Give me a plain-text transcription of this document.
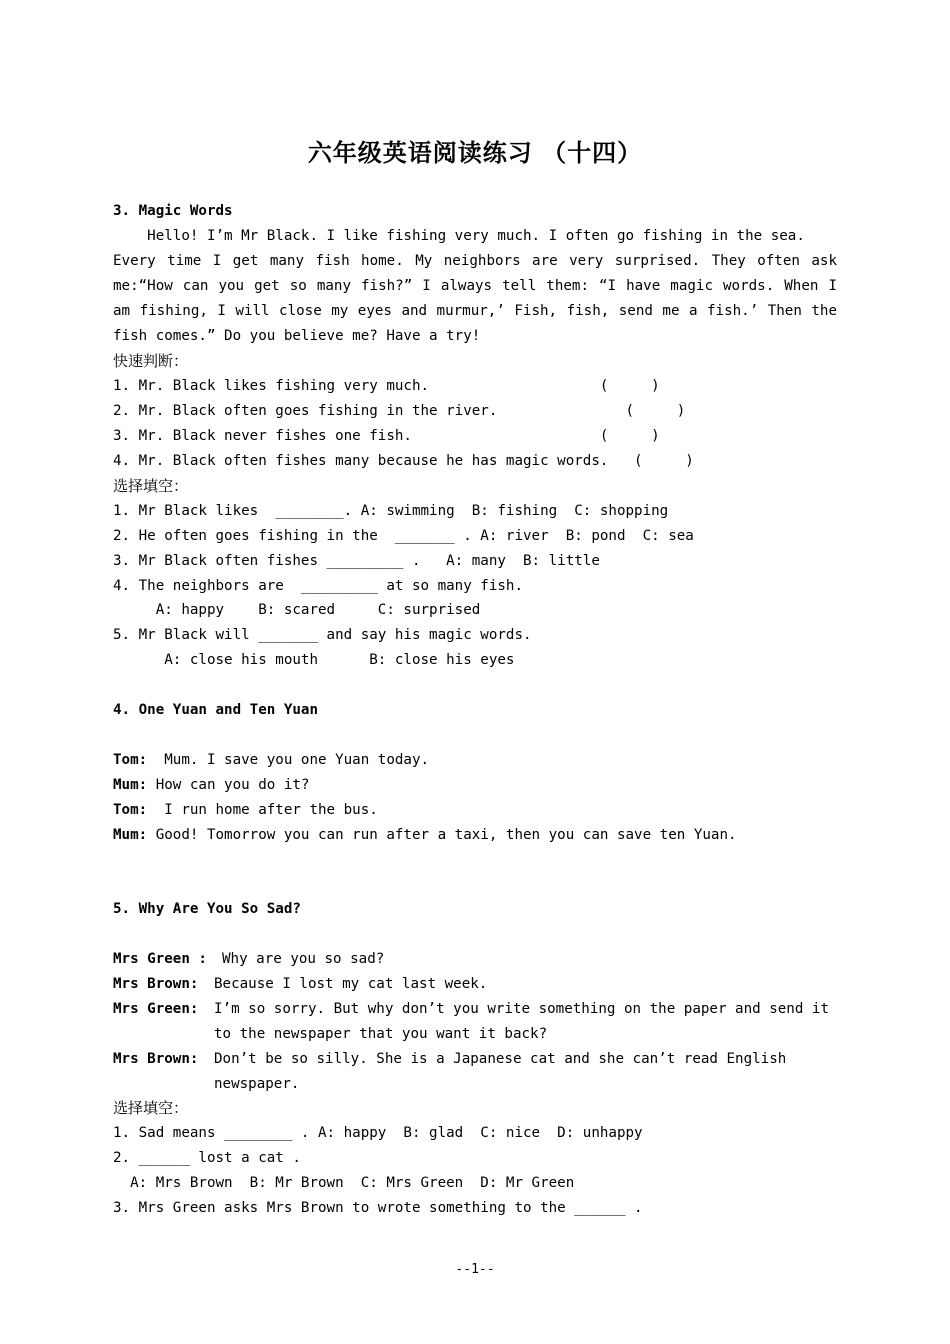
六年级英语阅读练习 （十四）
3. Magic Words
Hello! I’m Mr Black. I like fishing very much. I often go fishing in the sea.
Every time I get many fish home. My neighbors are very surprised. They often ask
me:“How can you get so many fish?” I always tell them: “I have magic words. When I
am fishing, I will close my eyes and murmur,’ Fish, fish, send me a fish.’ Then the
fish comes.” Do you believe me? Have a try!
快速判断：
1. Mr. Black likes fishing very much.                    (     )
2. Mr. Black often goes fishing in the river.               (     )
3. Mr. Black never fishes one fish.                      (     )
4. Mr. Black often fishes many because he has magic words.   (     )
选择填空：
1. Mr Black likes  ________. A: swimming  B: fishing  C: shopping
2. He often goes fishing in the  _______ . A: river  B: pond  C: sea
3. Mr Black often fishes _________ .   A: many  B: little
4. The neighbors are  _________ at so many fish.
A: happy    B: scared     C: surprised
5. Mr Black will _______ and say his magic words.
A: close his mouth      B: close his eyes
4. One Yuan and Ten Yuan
Tom:  Mum. I save you one Yuan today.
Mum: How can you do it?
Tom:  I run home after the bus.
Mum: Good! Tomorrow you can run after a taxi, then you can save ten Yuan.
5. Why Are You So Sad?
Mrs Green : Why are you so sad?
Mrs Brown: Because I lost my cat last week.
Mrs Green: I’m so sorry. But why don’t you write something on the paper and send it
to the newspaper that you want it back?
Mrs Brown: Don’t be so silly. She is a Japanese cat and she can’t read English
newspaper.
选择填空：
1. Sad means ________ . A: happy  B: glad  C: nice  D: unhappy
2. ______ lost a cat .
A: Mrs Brown  B: Mr Brown  C: Mrs Green  D: Mr Green
3. Mrs Green asks Mrs Brown to wrote something to the ______ .
--1--
